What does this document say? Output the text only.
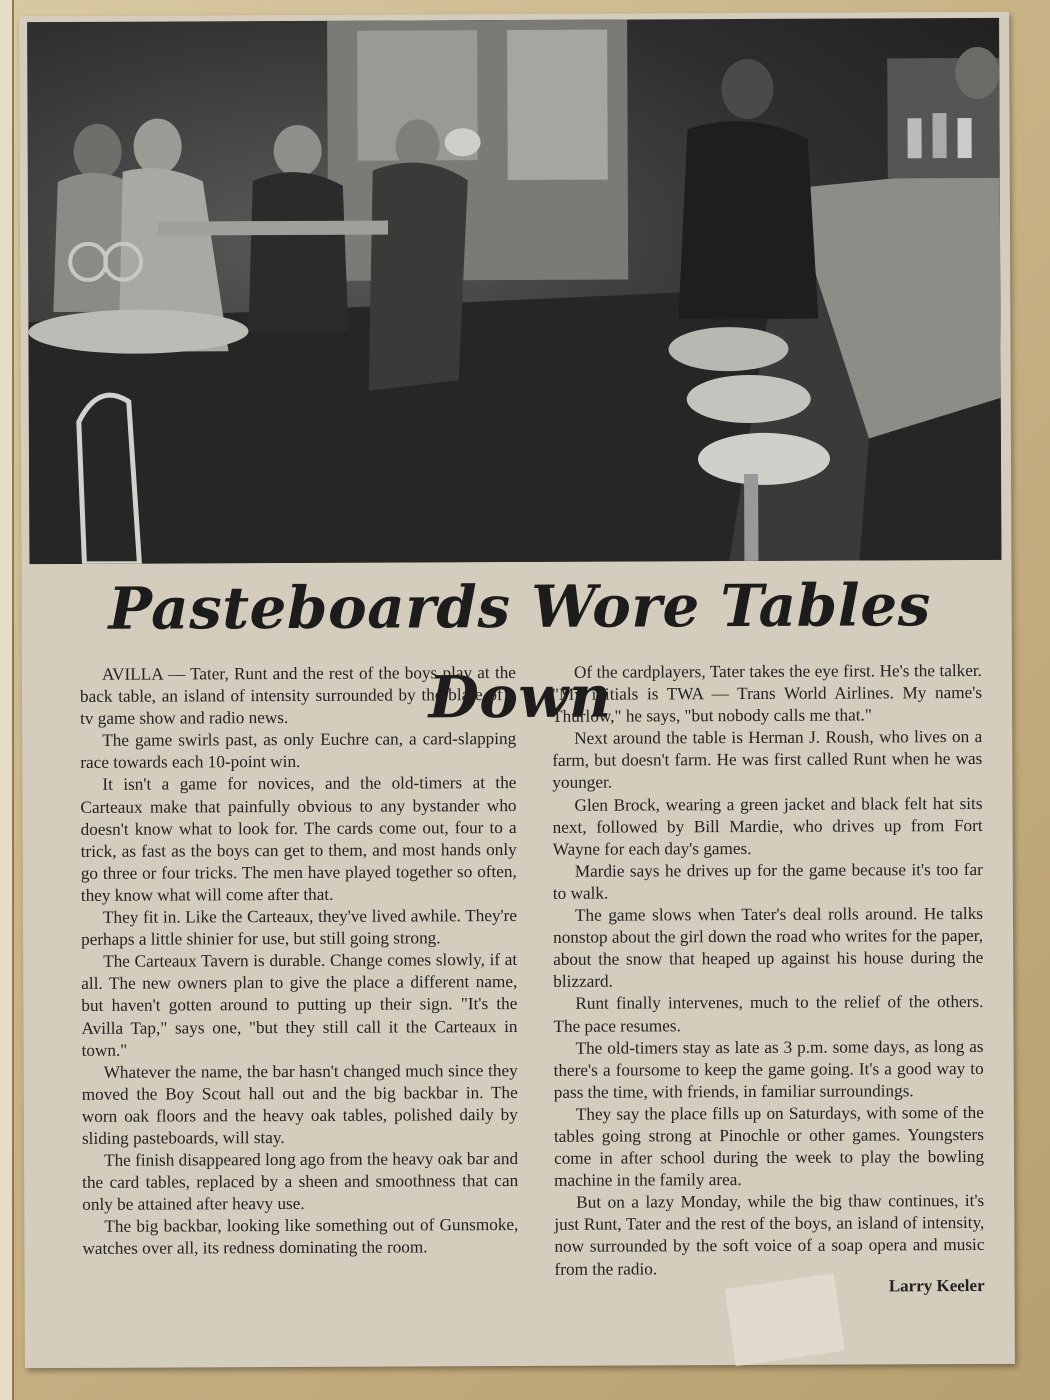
Pasteboards Wore Tables Down

AVILLA — Tater, Runt and the rest of the boys play at the back table, an island of intensity surrounded by the blare of a tv game show and radio news.

The game swirls past, as only Euchre can, a card-slapping race towards each 10-point win.

It isn't a game for novices, and the old-timers at the Carteaux make that painfully obvious to any bystander who doesn't know what to look for. The cards come out, four to a trick, as fast as the boys can get to them, and most hands only go three or four tricks. The men have played together so often, they know what will come after that.

They fit in. Like the Carteaux, they've lived awhile. They're perhaps a little shinier for use, but still going strong.

The Carteaux Tavern is durable. Change comes slowly, if at all. The new owners plan to give the place a different name, but haven't gotten around to putting up their sign. "It's the Avilla Tap," says one, "but they still call it the Carteaux in town."

Whatever the name, the bar hasn't changed much since they moved the Boy Scout hall out and the big backbar in. The worn oak floors and the heavy oak tables, polished daily by sliding pasteboards, will stay.

The finish disappeared long ago from the heavy oak bar and the card tables, replaced by a sheen and smoothness that can only be attained after heavy use.

The big backbar, looking like something out of Gunsmoke, watches over all, its redness dominating the room.

Of the cardplayers, Tater takes the eye first. He's the talker. "My initials is TWA — Trans World Airlines. My name's Thurlow," he says, "but nobody calls me that."

Next around the table is Herman J. Roush, who lives on a farm, but doesn't farm. He was first called Runt when he was younger.

Glen Brock, wearing a green jacket and black felt hat sits next, followed by Bill Mardie, who drives up from Fort Wayne for each day's games.

Mardie says he drives up for the game because it's too far to walk.

The game slows when Tater's deal rolls around. He talks nonstop about the girl down the road who writes for the paper, about the snow that heaped up against his house during the blizzard.

Runt finally intervenes, much to the relief of the others. The pace resumes.

The old-timers stay as late as 3 p.m. some days, as long as there's a foursome to keep the game going. It's a good way to pass the time, with friends, in familiar surroundings.

They say the place fills up on Saturdays, with some of the tables going strong at Pinochle or other games. Youngsters come in after school during the week to play the bowling machine in the family area.

But on a lazy Monday, while the big thaw continues, it's just Runt, Tater and the rest of the boys, an island of intensity, now surrounded by the soft voice of a soap opera and music from the radio.

Larry Keeler
